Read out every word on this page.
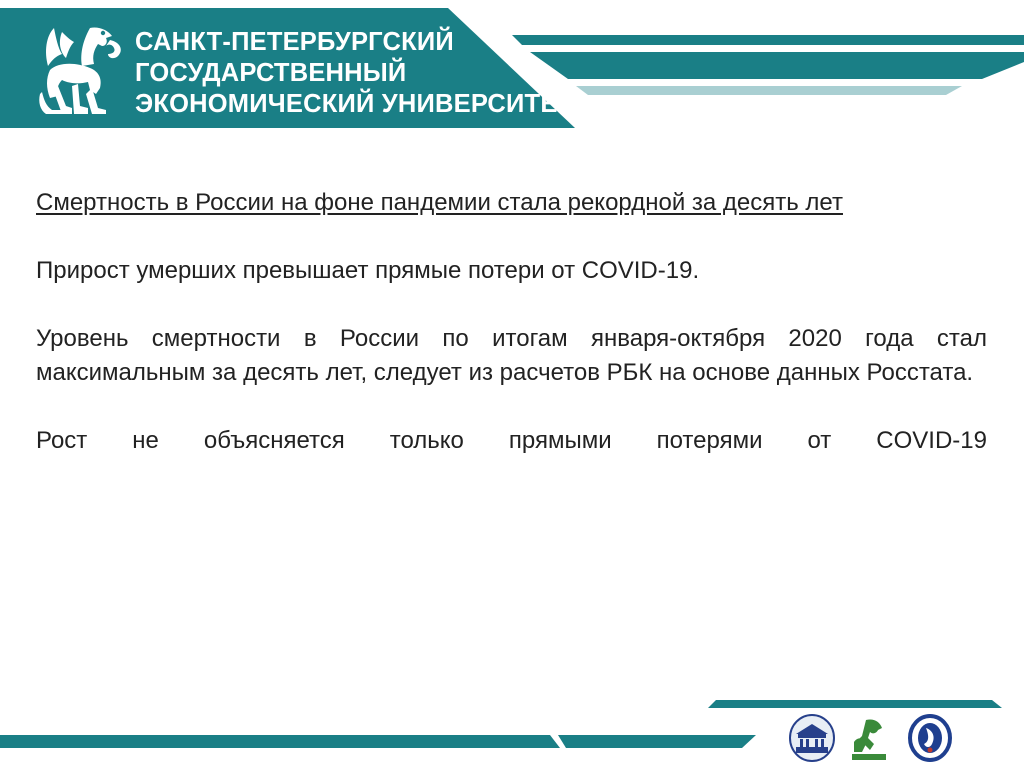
САНКТ-ПЕТЕРБУРГСКИЙ
ГОСУДАРСТВЕННЫЙ
ЭКОНОМИЧЕСКИЙ УНИВЕРСИТЕТ

Смертность в России на фоне пандемии стала рекордной за десять лет

Прирост умерших превышает прямые потери от COVID-19.

Уровень смертности в России по итогам января-октября 2020 года стал максимальным за десять лет, следует из расчетов РБК на основе данных Росстата.

Рост не объясняется только прямыми потерями от COVID-19
